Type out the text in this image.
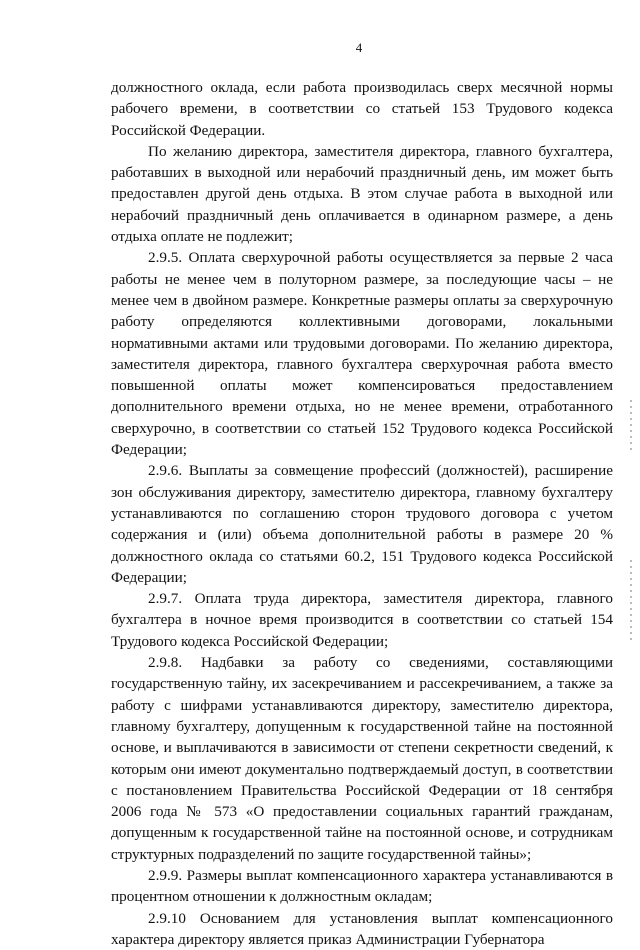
4

должностного оклада, если работа производилась сверх месячной нормы рабочего времени, в соответствии со статьей 153 Трудового кодекса Российской Федерации.

По желанию директора, заместителя директора, главного бухгалтера, работавших в выходной или нерабочий праздничный день, им может быть предоставлен другой день отдыха. В этом случае работа в выходной или нерабочий праздничный день оплачивается в одинарном размере, а день отдыха оплате не подлежит;

2.9.5. Оплата сверхурочной работы осуществляется за первые 2 часа работы не менее чем в полуторном размере, за последующие часы – не менее чем в двойном размере. Конкретные размеры оплаты за сверхурочную работу определяются коллективными договорами, локальными нормативными актами или трудовыми договорами. По желанию директора, заместителя директора, главного бухгалтера сверхурочная работа вместо повышенной оплаты может компенсироваться предоставлением дополнительного времени отдыха, но не менее времени, отработанного сверхурочно, в соответствии со статьей 152 Трудового кодекса Российской Федерации;

2.9.6. Выплаты за совмещение профессий (должностей), расширение зон обслуживания директору, заместителю директора, главному бухгалтеру устанавливаются по соглашению сторон трудового договора с учетом содержания и (или) объема дополнительной работы в размере 20 % должностного оклада со статьями 60.2, 151 Трудового кодекса Российской Федерации;

2.9.7. Оплата труда директора, заместителя директора, главного бухгалтера в ночное время производится в соответствии со статьей 154 Трудового кодекса Российской Федерации;

2.9.8. Надбавки за работу со сведениями, составляющими государственную тайну, их засекречиванием и рассекречиванием, а также за работу с шифрами устанавливаются директору, заместителю директора, главному бухгалтеру, допущенным к государственной тайне на постоянной основе, и выплачиваются в зависимости от степени секретности сведений, к которым они имеют документально подтверждаемый доступ, в соответствии с постановлением Правительства Российской Федерации от 18 сентября 2006 года № 573 «О предоставлении социальных гарантий гражданам, допущенным к государственной тайне на постоянной основе, и сотрудникам структурных подразделений по защите государственной тайны»;

2.9.9. Размеры выплат компенсационного характера устанавливаются в процентном отношении к должностным окладам;

2.9.10 Основанием для установления выплат компенсационного характера директору является приказ Администрации Губернатора
